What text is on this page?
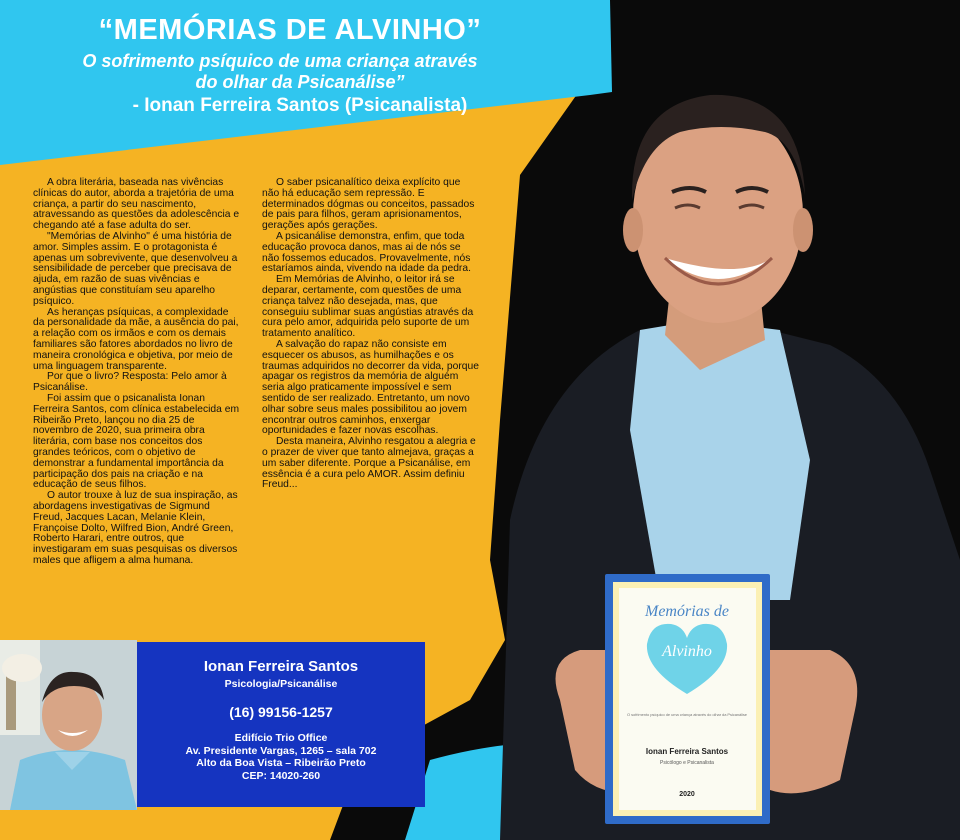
“MEMÓRIAS DE ALVINHO”
O sofrimento psíquico de uma criança através
do olhar da Psicanálise”
- Ionan Ferreira Santos (Psicanalista)

A obra literária, baseada nas vivências clínicas do autor, aborda a trajetória de uma criança, a partir do seu nascimento, atravessando as questões da adolescência e chegando até a fase adulta do ser.

"Memórias de Alvinho" é uma história de amor. Simples assim. E o protagonista é apenas um sobrevivente, que desenvolveu a sensibilidade de perceber que precisava de ajuda, em razão de suas vivências e angústias que constituíam seu aparelho psíquico.

As heranças psíquicas, a complexidade da personalidade da mãe, a ausência do pai, a relação com os irmãos e com os demais familiares são fatores abordados no livro de maneira cronológica e objetiva, por meio de uma linguagem transparente.

Por que o livro? Resposta: Pelo amor à Psicanálise.

Foi assim que o psicanalista Ionan Ferreira Santos, com clínica estabelecida em Ribeirão Preto, lançou no dia 25 de novembro de 2020, sua primeira obra literária, com base nos conceitos dos grandes teóricos, com o objetivo de demonstrar a fundamental importância da participação dos pais na criação e na educação de seus filhos.

O autor trouxe à luz de sua inspiração, as abordagens investigativas de Sigmund Freud, Jacques Lacan, Melanie Klein, Françoise Dolto, Wilfred Bion, André Green, Roberto Harari, entre outros, que investigaram em suas pesquisas os diversos males que afligem a alma humana.

O saber psicanalítico deixa explícito que não há educação sem repressão. E determinados dógmas ou conceitos, passados de pais para filhos, geram aprisionamentos, gerações após gerações.

A psicanálise demonstra, enfim, que toda educação provoca danos, mas ai de nós se não fossemos educados. Provavelmente, nós estaríamos ainda, vivendo na idade da pedra.

Em Memórias de Alvinho, o leitor irá se deparar, certamente, com questões de uma criança talvez não desejada, mas, que conseguiu sublimar suas angústias através da cura pelo amor, adquirida pelo suporte de um tratamento analítico.

A salvação do rapaz não consiste em esquecer os abusos, as humilhações e os traumas adquiridos no decorrer da vida, porque apagar os registros da memória de alguém seria algo praticamente impossível e sem sentido de ser realizado. Entretanto, um novo olhar sobre seus males possibilitou ao jovem encontrar outros caminhos, enxergar oportunidades e fazer novas escolhas.

Desta maneira, Alvinho resgatou a alegria e o prazer de viver que tanto almejava, graças a um saber diferente. Porque a Psicanálise, em essência é a cura pelo AMOR. Assim definiu Freud...

Ionan Ferreira Santos
Psicologia/Psicanálise
(16) 99156-1257
Edifício Trio Office
Av. Presidente Vargas, 1265 – sala 702
Alto da Boa Vista – Ribeirão Preto
CEP: 14020-260
Memórias de
Alvinho
O sofrimento psíquico de uma criança através do olhar da Psicanálise
Ionan Ferreira Santos
Psicólogo e Psicanalista
2020
